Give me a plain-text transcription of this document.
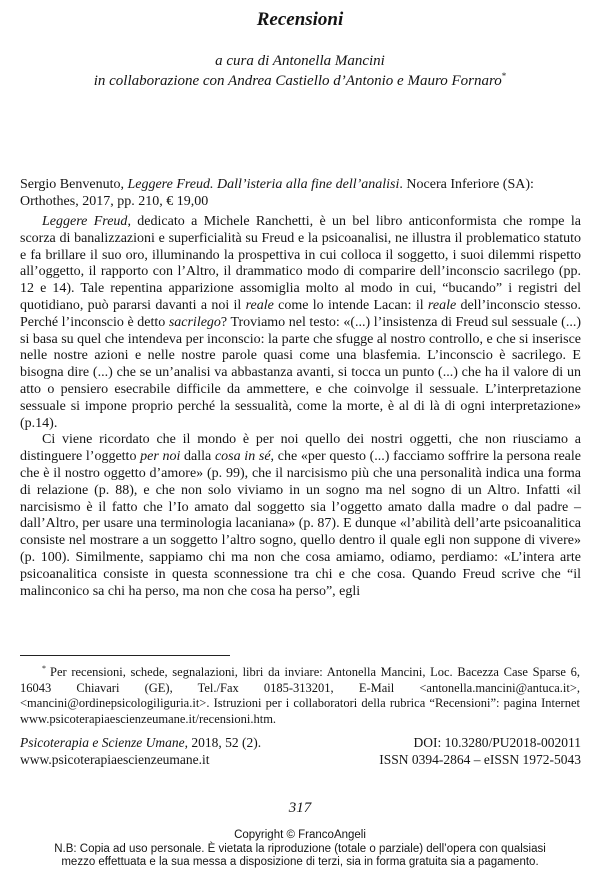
Recensioni
a cura di Antonella Mancini
in collaborazione con Andrea Castiello d’Antonio e Mauro Fornaro*
Sergio Benvenuto, Leggere Freud. Dall’isteria alla fine dell’analisi. Nocera Inferiore (SA): Orthothes, 2017, pp. 210, € 19,00

Leggere Freud, dedicato a Michele Ranchetti, è un bel libro anticonformista che rompe la scorza di banalizzazioni e superficialità su Freud e la psicoanalisi, ne illustra il problematico statuto e fa brillare il suo oro, illuminando la prospettiva in cui colloca il soggetto, i suoi dilemmi rispetto all’oggetto, il rapporto con l’Altro, il drammatico modo di comparire dell’inconscio sacrilego (pp. 12 e 14). Tale repentina apparizione assomiglia molto al modo in cui, “bucando” i registri del quotidiano, può pararsi davanti a noi il reale come lo intende Lacan: il reale dell’inconscio stesso. Perché l’inconscio è detto sacrilego? Troviamo nel testo: «(...) l’insistenza di Freud sul sessuale (...) si basa su quel che intendeva per inconscio: la parte che sfugge al nostro controllo, e che si inserisce nelle nostre azioni e nelle nostre parole quasi come una blasfemia. L’inconscio è sacrilego. E bisogna dire (...) che se un’analisi va abbastanza avanti, si tocca un punto (...) che ha il valore di un atto o pensiero esecrabile difficile da ammettere, e che coinvolge il sessuale. L’interpretazione sessuale si impone proprio perché la sessualità, come la morte, è al di là di ogni interpretazione» (p.14).

Ci viene ricordato che il mondo è per noi quello dei nostri oggetti, che non riusciamo a distinguere l’oggetto per noi dalla cosa in sé, che «per questo (...) facciamo soffrire la persona reale che è il nostro oggetto d’amore» (p. 99), che il narcisismo più che una personalità indica una forma di relazione (p. 88), e che non solo viviamo in un sogno ma nel sogno di un Altro. Infatti «il narcisismo è il fatto che l’Io amato dal soggetto sia l’oggetto amato dalla madre o dal padre – dall’Altro, per usare una terminologia lacaniana» (p. 87). E dunque «l’abilità dell’arte psicoanalitica consiste nel mostrare a un soggetto l’altro sogno, quello dentro il quale egli non suppone di vivere» (p. 100). Similmente, sappiamo chi ma non che cosa amiamo, odiamo, perdiamo: «L’intera arte psicoanalitica consiste in questa sconnessione tra chi e che cosa. Quando Freud scrive che “il malinconico sa chi ha perso, ma non che cosa ha perso”, egli

* Per recensioni, schede, segnalazioni, libri da inviare: Antonella Mancini, Loc. Bacezza Case Sparse 6, 16043 Chiavari (GE), Tel./Fax 0185-313201, E-Mail <antonella.mancini@antuca.it>, <mancini@ordinepsicologiliguria.it>. Istruzioni per i collaboratori della rubrica “Recensioni”: pagina Internet www.psicoterapiaescienzeumane.it/recensioni.htm.
Psicoterapia e Scienze Umane, 2018, 52 (2).	DOI: 10.3280/PU2018-002011
www.psicoterapiaescienzeumane.it	ISSN 0394-2864 – eISSN 1972-5043
317
Copyright © FrancoAngeli
N.B: Copia ad uso personale. È vietata la riproduzione (totale o parziale) dell’opera con qualsiasi
mezzo effettuata e la sua messa a disposizione di terzi, sia in forma gratuita sia a pagamento.
